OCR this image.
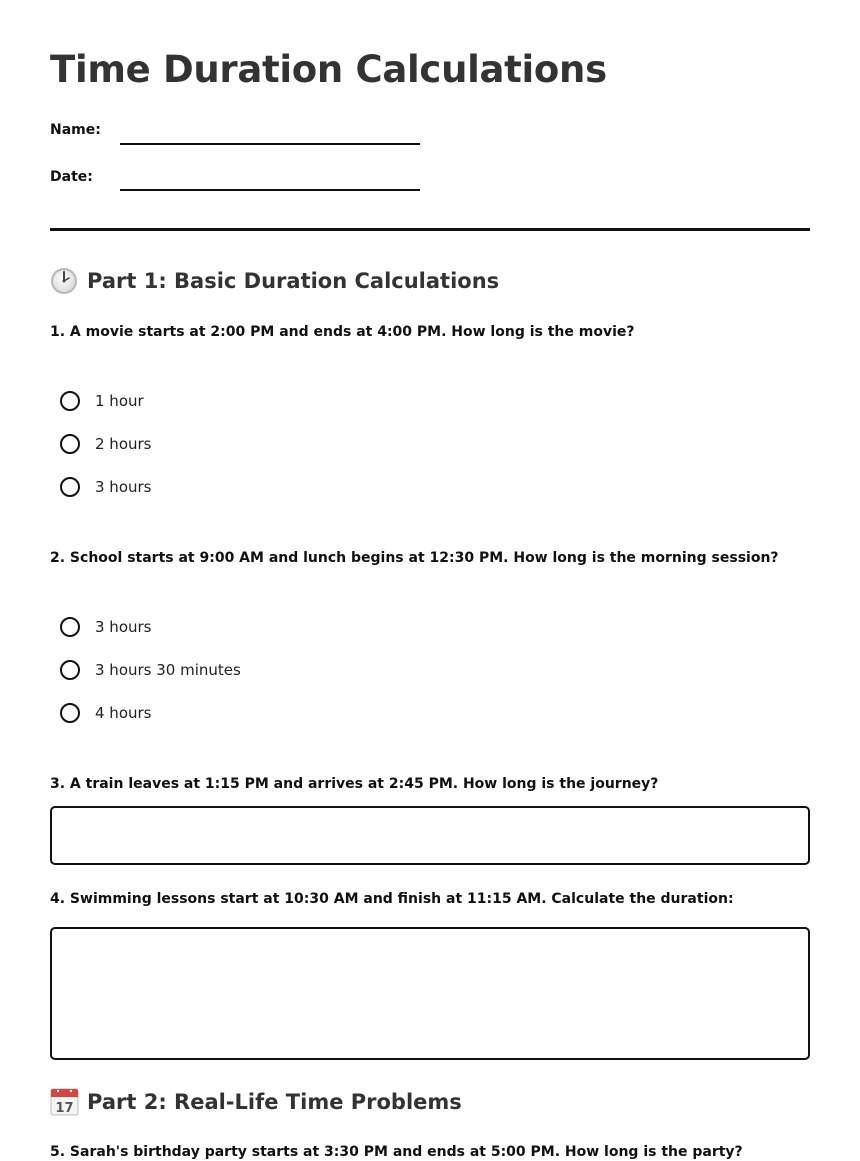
Time Duration Calculations
Name:
Date:
Part 1: Basic Duration Calculations

1. A movie starts at 2:00 PM and ends at 4:00 PM. How long is the movie?

1 hour
2 hours
3 hours

2. School starts at 9:00 AM and lunch begins at 12:30 PM. How long is the morning session?

3 hours
3 hours 30 minutes
4 hours

3. A train leaves at 1:15 PM and arrives at 2:45 PM. How long is the journey?

4. Swimming lessons start at 10:30 AM and finish at 11:15 AM. Calculate the duration:

17 Part 2: Real-Life Time Problems

5. Sarah's birthday party starts at 3:30 PM and ends at 5:00 PM. How long is the party?
